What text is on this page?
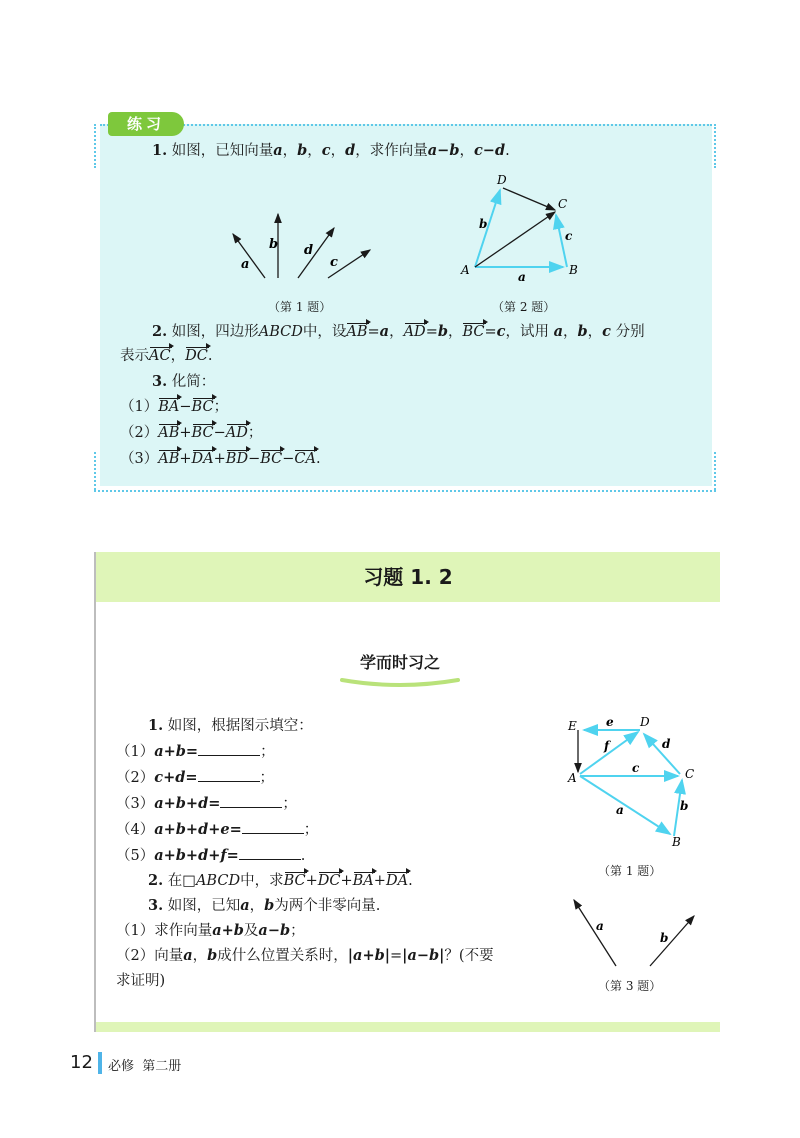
练习
1. 如图，已知向量a，b，c，d，求作向量a−b，c−d.
a
b d
c
（第 1 题）
D
C
A	B
b
c
a
（第 2 题）
2. 如图，四边形ABCD中，设AB=a，AD=b，BC=c，试用 a，b，c 分别
表示AC，DC.
3. 化简：
（1）BA−BC；
（2）AB+BC−AD；
（3）AB+DA+BD−BC−CA.
习题 1. 2
学而时习之
1. 如图，根据图示填空：
（1）a+b=	；
（2）c+d=	；
（3）a+b+d=	；
（4）a+b+d+e=	；
（5）a+b+d+f=	.
2. 在□ABCD中，求BC+DC+BA+DA.
3. 如图，已知a，b为两个非零向量.
（1）求作向量a+b及a−b；
（2）向量a，b成什么位置关系时，|a+b|=|a−b|？(不要
求证明)
E	D
A	C
B
e
f	d
c
a	b
（第 1 题）
a
b
（第 3 题）
12 必修 第二册
